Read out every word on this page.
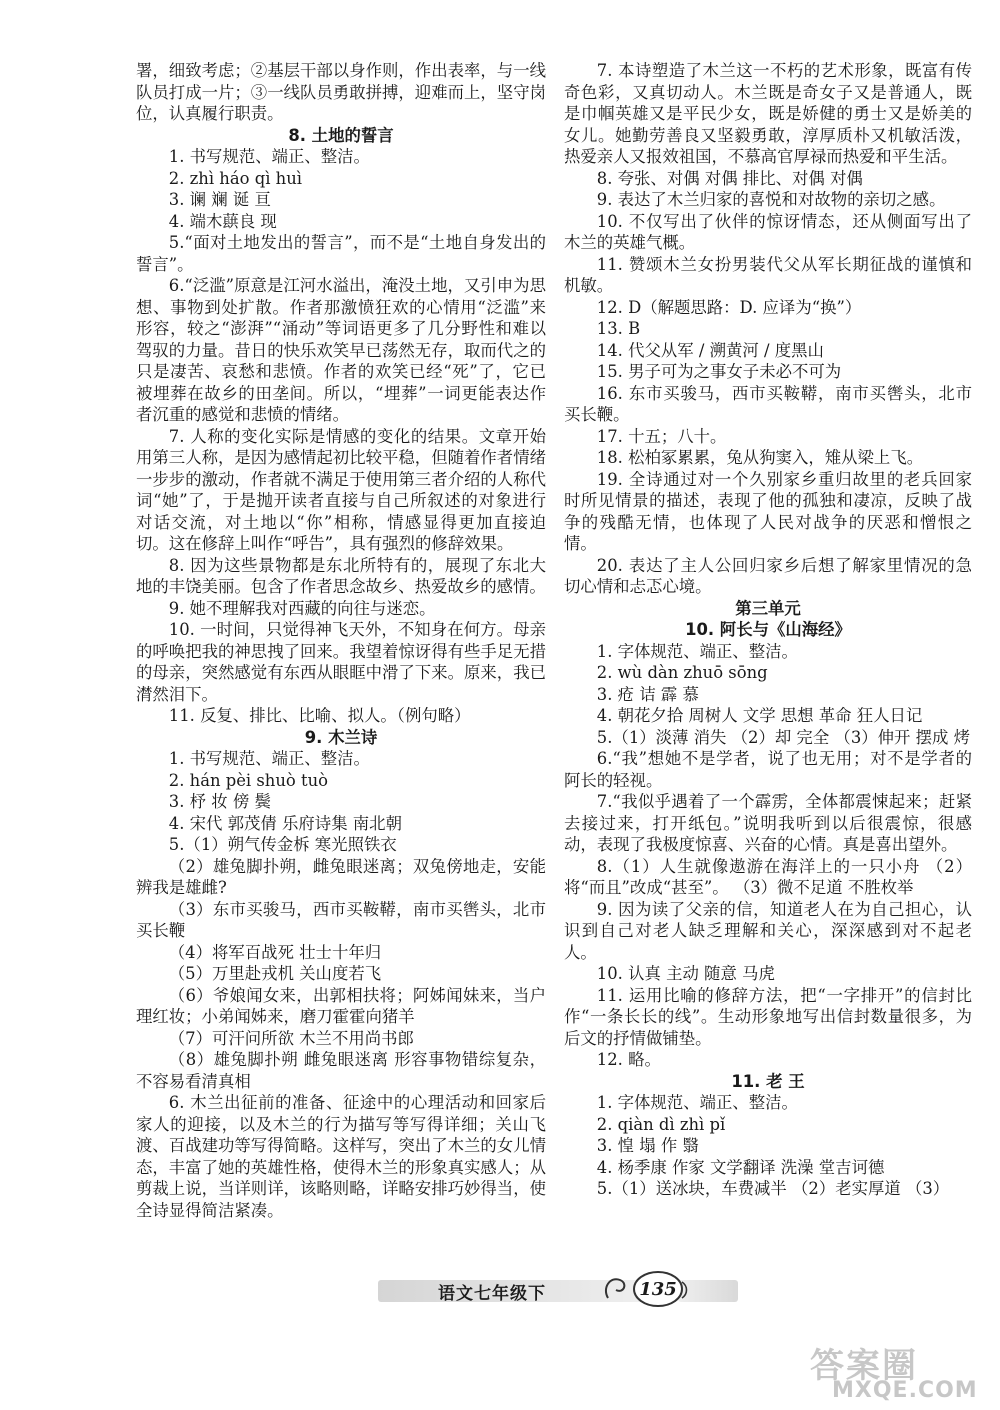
署，细致考虑；②基层干部以身作则，作出表率，与一线队员打成一片；③一线队员勇敢拼搏，迎难而上，坚守岗位，认真履行职责。

8. 土地的誓言

1. 书写规范、端正、整洁。

2. zhì háo qì huì

3. 谰 斓 诞 亘

4. 端木蕻良 现

5.“面对土地发出的誓言”，而不是“土地自身发出的誓言”。

6.“泛滥”原意是江河水溢出，淹没土地，又引申为思想、事物到处扩散。作者那激愤狂欢的心情用“泛滥”来形容，较之“澎湃”“涌动”等词语更多了几分野性和难以驾驭的力量。昔日的快乐欢笑早已荡然无存，取而代之的只是凄苦、哀愁和悲愤。作者的欢笑已经“死”了，它已被埋葬在故乡的田垄间。所以，“埋葬”一词更能表达作者沉重的感觉和悲愤的情绪。

7. 人称的变化实际是情感的变化的结果。文章开始用第三人称，是因为感情起初比较平稳，但随着作者情绪一步步的激动，作者就不满足于使用第三者介绍的人称代词“她”了，于是抛开读者直接与自己所叙述的对象进行对话交流，对土地以“你”相称，情感显得更加直接迫切。这在修辞上叫作“呼告”，具有强烈的修辞效果。

8. 因为这些景物都是东北所特有的，展现了东北大地的丰饶美丽。包含了作者思念故乡、热爱故乡的感情。

9. 她不理解我对西藏的向往与迷恋。

10. 一时间，只觉得神飞天外，不知身在何方。母亲的呼唤把我的神思拽了回来。我望着惊讶得有些手足无措的母亲，突然感觉有东西从眼眶中滑了下来。原来，我已潸然泪下。

11. 反复、排比、比喻、拟人。（例句略）

9. 木兰诗

1. 书写规范、端正、整洁。

2. hán pèi shuò tuò

3. 杼 妆 傍 鬓

4. 宋代 郭茂倩 乐府诗集 南北朝

5.（1）朔气传金柝 寒光照铁衣

（2）雄兔脚扑朔，雌兔眼迷离；双兔傍地走，安能辨我是雄雌?

（3）东市买骏马，西市买鞍鞯，南市买辔头，北市买长鞭

（4）将军百战死 壮士十年归

（5）万里赴戎机 关山度若飞

（6）爷娘闻女来，出郭相扶将；阿姊闻妹来，当户理红妆；小弟闻姊来，磨刀霍霍向猪羊

（7）可汗问所欲 木兰不用尚书郎

（8）雄兔脚扑朔 雌兔眼迷离 形容事物错综复杂，不容易看清真相

6. 木兰出征前的准备、征途中的心理活动和回家后家人的迎接，以及木兰的行为描写等写得详细；关山飞渡、百战建功等写得简略。这样写，突出了木兰的女儿情态，丰富了她的英雄性格，使得木兰的形象真实感人；从剪裁上说，当详则详，该略则略，详略安排巧妙得当，使全诗显得简洁紧凑。

7. 本诗塑造了木兰这一不朽的艺术形象，既富有传奇色彩，又真切动人。木兰既是奇女子又是普通人，既是巾帼英雄又是平民少女，既是娇健的勇士又是娇美的女儿。她勤劳善良又坚毅勇敢，淳厚质朴又机敏活泼，热爱亲人又报效祖国，不慕高官厚禄而热爱和平生活。

8. 夸张、对偶 对偶 排比、对偶 对偶

9. 表达了木兰归家的喜悦和对故物的亲切之感。

10. 不仅写出了伙伴的惊讶情态，还从侧面写出了木兰的英雄气概。

11. 赞颂木兰女扮男装代父从军长期征战的谨慎和机敏。

12. D（解题思路：D. 应译为“换”）

13. B

14. 代父从军 / 溯黄河 / 度黑山

15. 男子可为之事女子未必不可为

16. 东市买骏马，西市买鞍鞯，南市买辔头，北市买长鞭。

17. 十五；八十。

18. 松柏冢累累，兔从狗窦入，雉从梁上飞。

19. 全诗通过对一个久别家乡重归故里的老兵回家时所见情景的描述，表现了他的孤独和凄凉，反映了战争的残酷无情，也体现了人民对战争的厌恶和憎恨之情。

20. 表达了主人公回归家乡后想了解家里情况的急切心情和忐忑心境。

第三单元
10. 阿长与《山海经》

1. 字体规范、端正、整洁。

2. wù dàn zhuō sōng

3. 疮 诘 霹 慕

4. 朝花夕拾 周树人 文学 思想 革命 狂人日记

5.（1）淡薄 消失 （2）却 完全 （3）伸开 摆成 烤

6.“我”想她不是学者，说了也无用；对不是学者的阿长的轻视。

7.“我似乎遇着了一个霹雳，全体都震悚起来；赶紧去接过来，打开纸包。”说明我听到以后很震惊，很感动，表现了我极度惊喜、兴奋的心情。真是喜出望外。

8.（1）人生就像遨游在海洋上的一只小舟 （2）将“而且”改成“甚至”。 （3）微不足道 不胜枚举

9. 因为读了父亲的信，知道老人在为自己担心，认识到自己对老人缺乏理解和关心，深深感到对不起老人。

10. 认真 主动 随意 马虎

11. 运用比喻的修辞方法，把“一字排开”的信封比作“一条长长的线”。生动形象地写出信封数量很多，为后文的抒情做铺垫。

12. 略。

11. 老 王

1. 字体规范、端正、整洁。

2. qiàn dì zhì pǐ

3. 惶 塌 作 翳

4. 杨季康 作家 文学翻译 洗澡 堂吉诃德

5.（1）送冰块，车费减半 （2）老实厚道 （3）

语文七年级下	135
答案圈
MXQE.COM
